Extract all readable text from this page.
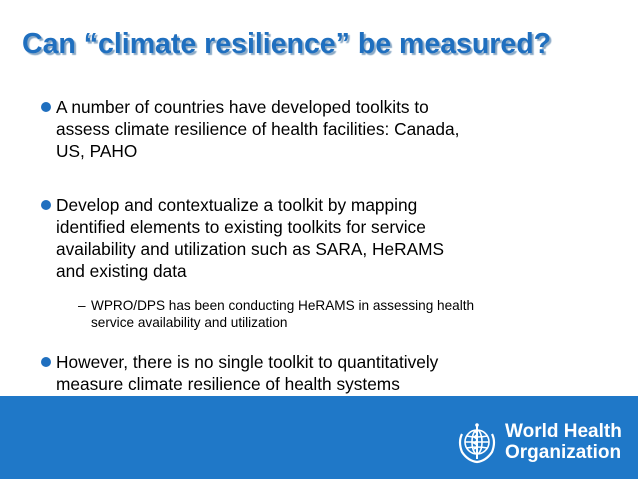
Can “climate resilience” be measured?
A number of countries have developed toolkits to
assess climate resilience of health facilities: Canada,
US, PAHO
Develop and contextualize a toolkit by mapping
identified elements to existing toolkits for service
availability and utilization such as SARA, HeRAMS
and existing data
– WPRO/DPS has been conducting HeRAMS in assessing health
service availability and utilization
However, there is no single toolkit to quantitatively
measure climate resilience of health systems
World Health
Organization
